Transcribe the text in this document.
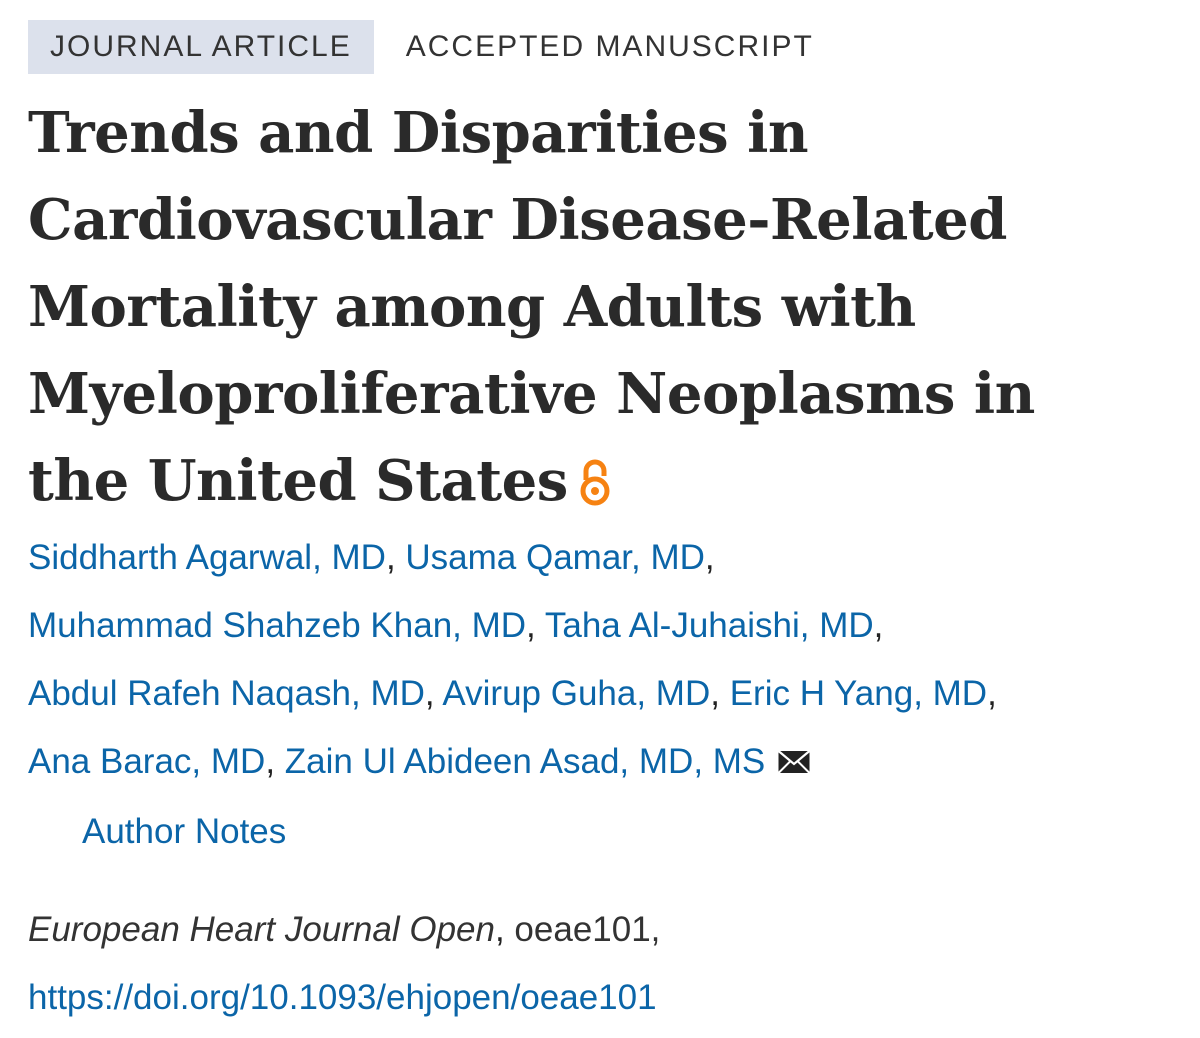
JOURNAL ARTICLE	ACCEPTED MANUSCRIPT
Trends and Disparities in
Cardiovascular Disease-Related
Mortality among Adults with
Myeloproliferative Neoplasms in
the United States
Siddharth Agarwal, MD, Usama Qamar, MD,
Muhammad Shahzeb Khan, MD, Taha Al-Juhaishi, MD,
Abdul Rafeh Naqash, MD, Avirup Guha, MD, Eric H Yang, MD,
Ana Barac, MD, Zain Ul Abideen Asad, MD, MS
Author Notes
European Heart Journal Open, oeae101,
https://doi.org/10.1093/ehjopen/oeae101
